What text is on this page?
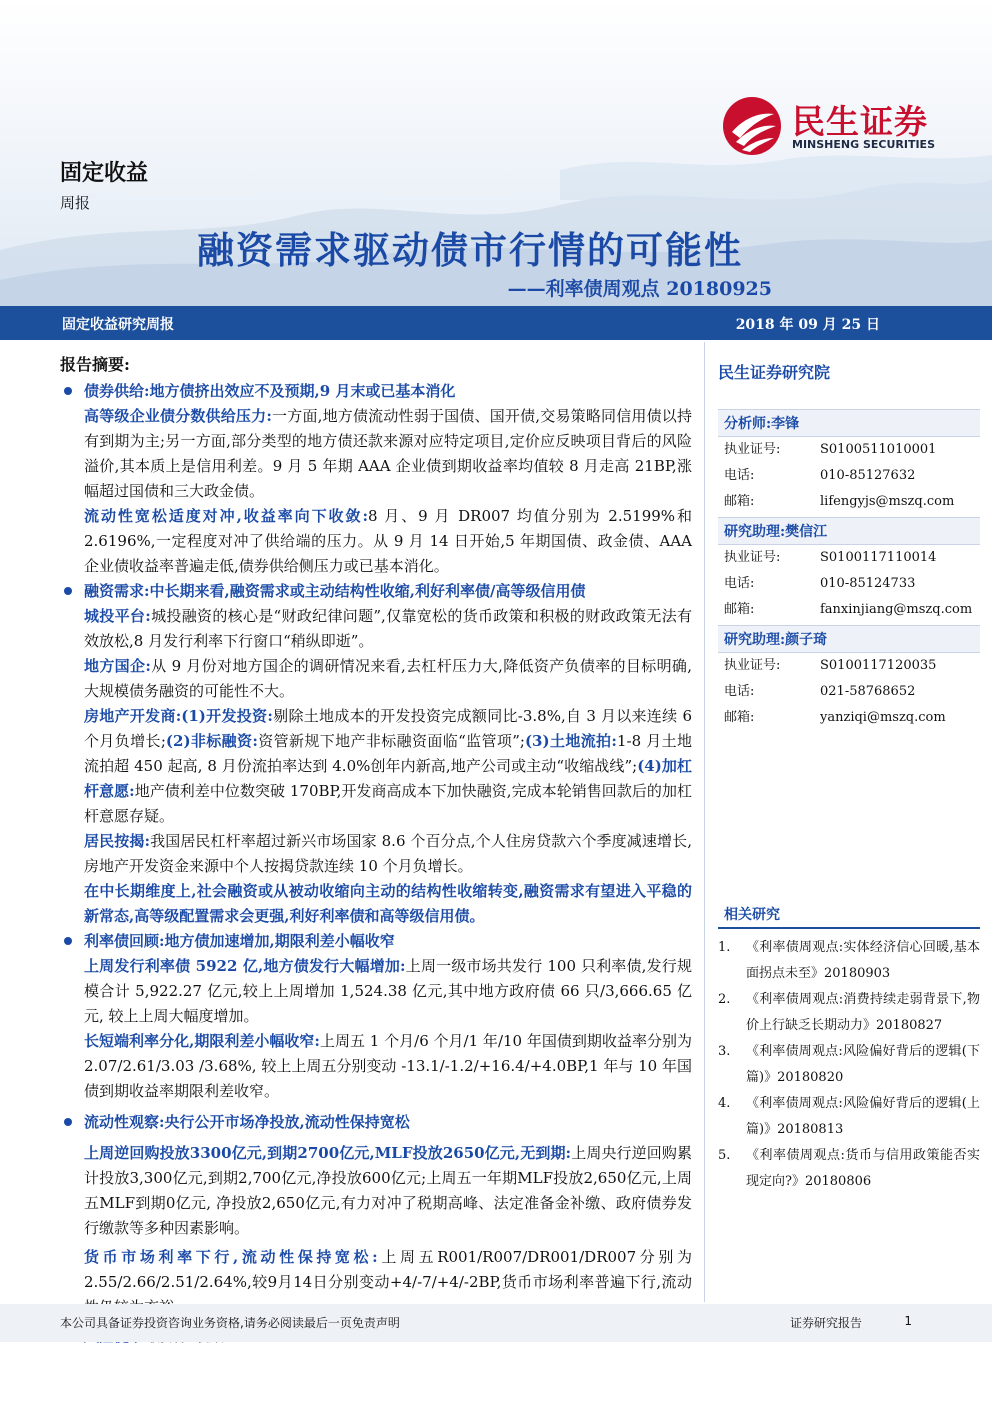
民生证券
MINSHENG SECURITIES
固定收益
周报
融资需求驱动债市行情的可能性
——利率债周观点 20180925
固定收益研究周报	2018 年 09 月 25 日
报告摘要:
债券供给:地方债挤出效应不及预期,9 月末或已基本消化
高等级企业债分数供给压力:一方面,地方债流动性弱于国债、国开债,交易策略同信用债以持有到期为主;另一方面,部分类型的地方债还款来源对应特定项目,定价应反映项目背后的风险溢价,其本质上是信用利差。9 月 5 年期 AAA 企业债到期收益率均值较 8 月走高 21BP,涨幅超过国债和三大政金债。
流动性宽松适度对冲,收益率向下收敛:8 月、9 月 DR007 均值分别为 2.5199%和 2.6196%,一定程度对冲了供给端的压力。从 9 月 14 日开始,5 年期国债、政金债、AAA 企业债收益率普遍走低,债券供给侧压力或已基本消化。
融资需求:中长期来看,融资需求或主动结构性收缩,利好利率债/高等级信用债
城投平台:城投融资的核心是“财政纪律问题”,仅靠宽松的货币政策和积极的财政政策无法有效放松,8 月发行利率下行窗口“稍纵即逝”。
地方国企:从 9 月份对地方国企的调研情况来看,去杠杆压力大,降低资产负债率的目标明确,大规模债务融资的可能性不大。
房地产开发商:(1)开发投资:剔除土地成本的开发投资完成额同比-3.8%,自 3 月以来连续 6 个月负增长;(2)非标融资:资管新规下地产非标融资面临“监管项”;(3)土地流拍:1-8 月土地流拍超 450 起高, 8 月份流拍率达到 4.0%创年内新高,地产公司或主动“收缩战线”;(4)加杠杆意愿:地产债利差中位数突破 170BP,开发商高成本下加快融资,完成本轮销售回款后的加杠杆意愿存疑。
居民按揭:我国居民杠杆率超过新兴市场国家 8.6 个百分点,个人住房贷款六个季度减速增长,房地产开发资金来源中个人按揭贷款连续 10 个月负增长。
在中长期维度上,社会融资或从被动收缩向主动的结构性收缩转变,融资需求有望进入平稳的新常态,高等级配置需求会更强,利好利率债和高等级信用债。
利率债回顾:地方债加速增加,期限利差小幅收窄
上周发行利率债 5922 亿,地方债发行大幅增加:上周一级市场共发行 100 只利率债,发行规模合计 5,922.27 亿元,较上上周增加 1,524.38 亿元,其中地方政府债 66 只/3,666.65 亿元, 较上上周大幅度增加。
长短端利率分化,期限利差小幅收窄:上周五 1 个月/6 个月/1 年/10 年国债到期收益率分别为 2.07/2.61/3.03 /3.68%, 较上上周五分别变动 -13.1/-1.2/+16.4/+4.0BP,1 年与 10 年国债到期收益率期限利差收窄。
流动性观察:央行公开市场净投放,流动性保持宽松
上周逆回购投放3300亿元,到期2700亿元,MLF投放2650亿元,无到期:上周央行逆回购累计投放3,300亿元,到期2,700亿元,净投放600亿元;上周五一年期MLF投放2,650亿元,上周五MLF到期0亿元, 净投放2,650亿元,有力对冲了税期高峰、法定准备金补缴、政府债券发行缴款等多种因素影响。
货币市场利率下行,流动性保持宽松:上周五R001/R007/DR001/DR007分别为2.55/2.66/2.51/2.64%,较9月14日分别变动+4/-7/+4/-2BP,货币市场利率普遍下行,流动
民生证券研究院
分析师:李锋
执业证号:	S0100511010001
电话:	010-85127632
邮箱:	lifengyjs@mszq.com
研究助理:樊信江
执业证号:	S0100117110014
电话:	010-85124733
邮箱:	fanxinjiang@mszq.com
研究助理:颜子琦
执业证号:	S0100117120035
电话:	021-58768652
邮箱:	yanziqi@mszq.com
相关研究
1.	《利率债周观点:实体经济信心回暖,基本面拐点未至》20180903
2.	《利率债周观点:消费持续走弱背景下,物价上行缺乏长期动力》20180827
3.	《利率债周观点:风险偏好背后的逻辑(下篇)》20180820
4.	《利率债周观点:风险偏好背后的逻辑(上篇)》20180813
5.	《利率债周观点:货币与信用政策能否实现定向?》20180806
本公司具备证券投资咨询业务资格,请务必阅读最后一页免责声明	证券研究报告	1
